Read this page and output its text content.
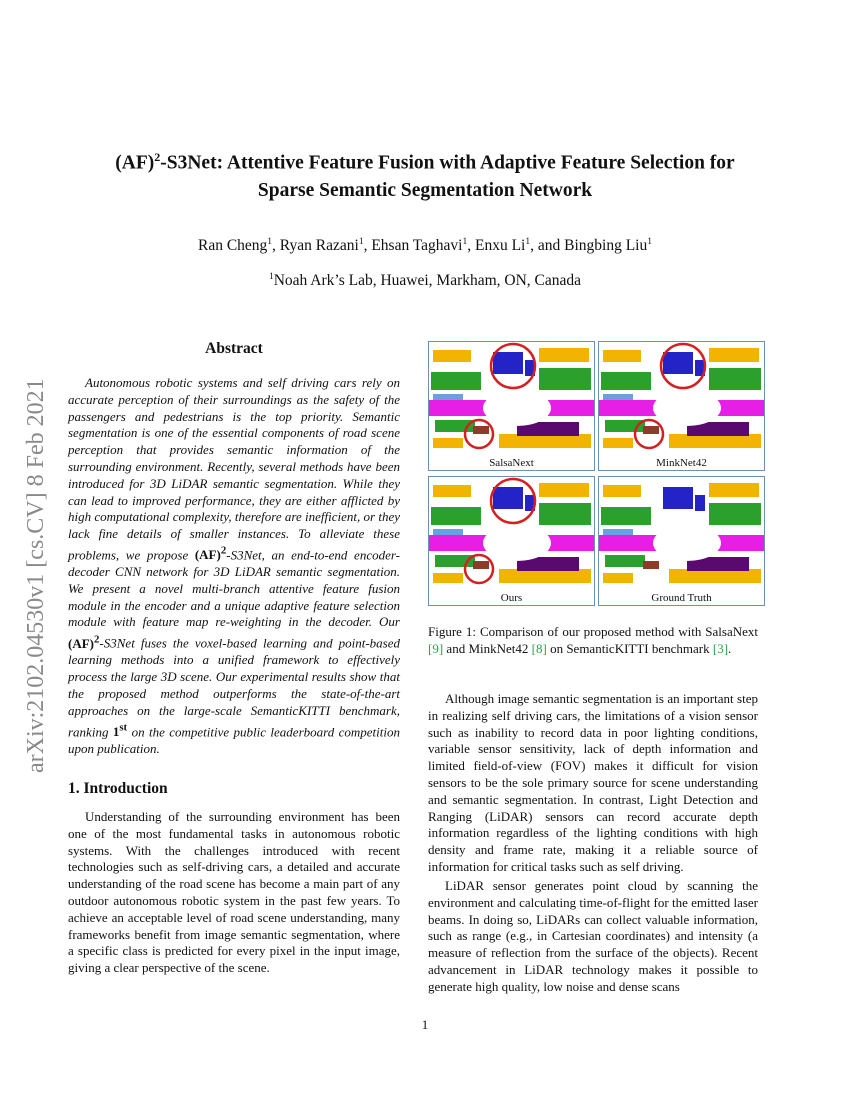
arXiv:2102.04530v1 [cs.CV] 8 Feb 2021
(AF)$^2$-S3Net: Attentive Feature Fusion with Adaptive Feature Selection for
Sparse Semantic Segmentation Network
Ran Cheng$^1$, Ryan Razani$^1$, Ehsan Taghavi$^1$, Enxu Li$^1$, and Bingbing Liu$^1$
$^1$Noah Ark’s Lab, Huawei, Markham, ON, Canada
Abstract

Autonomous robotic systems and self driving cars rely on accurate perception of their surroundings as the safety of the passengers and pedestrians is the top priority. Semantic segmentation is one of the essential components of road scene perception that provides semantic information of the surrounding environment. Recently, several methods have been introduced for 3D LiDAR semantic segmentation. While they can lead to improved performance, they are either afflicted by high computational complexity, therefore are inefficient, or they lack fine details of smaller instances. To alleviate these problems, we propose (AF)$^2$-S3Net, an end-to-end encoder-decoder CNN network for 3D LiDAR semantic segmentation. We present a novel multi-branch attentive feature fusion module in the encoder and a unique adaptive feature selection module with feature map re-weighting in the decoder. Our (AF)$^2$-S3Net fuses the voxel-based learning and point-based learning methods into a unified framework to effectively process the large 3D scene. Our experimental results show that the proposed method outperforms the state-of-the-art approaches on the large-scale SemanticKITTI benchmark, ranking 1st on the competitive public leaderboard competition upon publication.

1. Introduction

Understanding of the surrounding environment has been one of the most fundamental tasks in autonomous robotic systems. With the challenges introduced with recent technologies such as self-driving cars, a detailed and accurate understanding of the road scene has become a main part of any outdoor autonomous robotic system in the past few years. To achieve an acceptable level of road scene understanding, many frameworks benefit from image semantic segmentation, where a specific class is predicted for every pixel in the input image, giving a clear perspective of the scene.

SalsaNext	MinkNet42
Ours	Ground Truth

Figure 1: Comparison of our proposed method with SalsaNext [9] and MinkNet42 [8] on SemanticKITTI benchmark [3].

Although image semantic segmentation is an important step in realizing self driving cars, the limitations of a vision sensor such as inability to record data in poor lighting conditions, variable sensor sensitivity, lack of depth information and limited field-of-view (FOV) makes it difficult for vision sensors to be the sole primary source for scene understanding and semantic segmentation. In contrast, Light Detection and Ranging (LiDAR) sensors can record accurate depth information regardless of the lighting conditions with high density and frame rate, making it a reliable source of information for critical tasks such as self driving.

LiDAR sensor generates point cloud by scanning the environment and calculating time-of-flight for the emitted laser beams. In doing so, LiDARs can collect valuable information, such as range (e.g., in Cartesian coordinates) and intensity (a measure of reflection from the surface of the objects). Recent advancement in LiDAR technology makes it possible to generate high quality, low noise and dense scans

1
